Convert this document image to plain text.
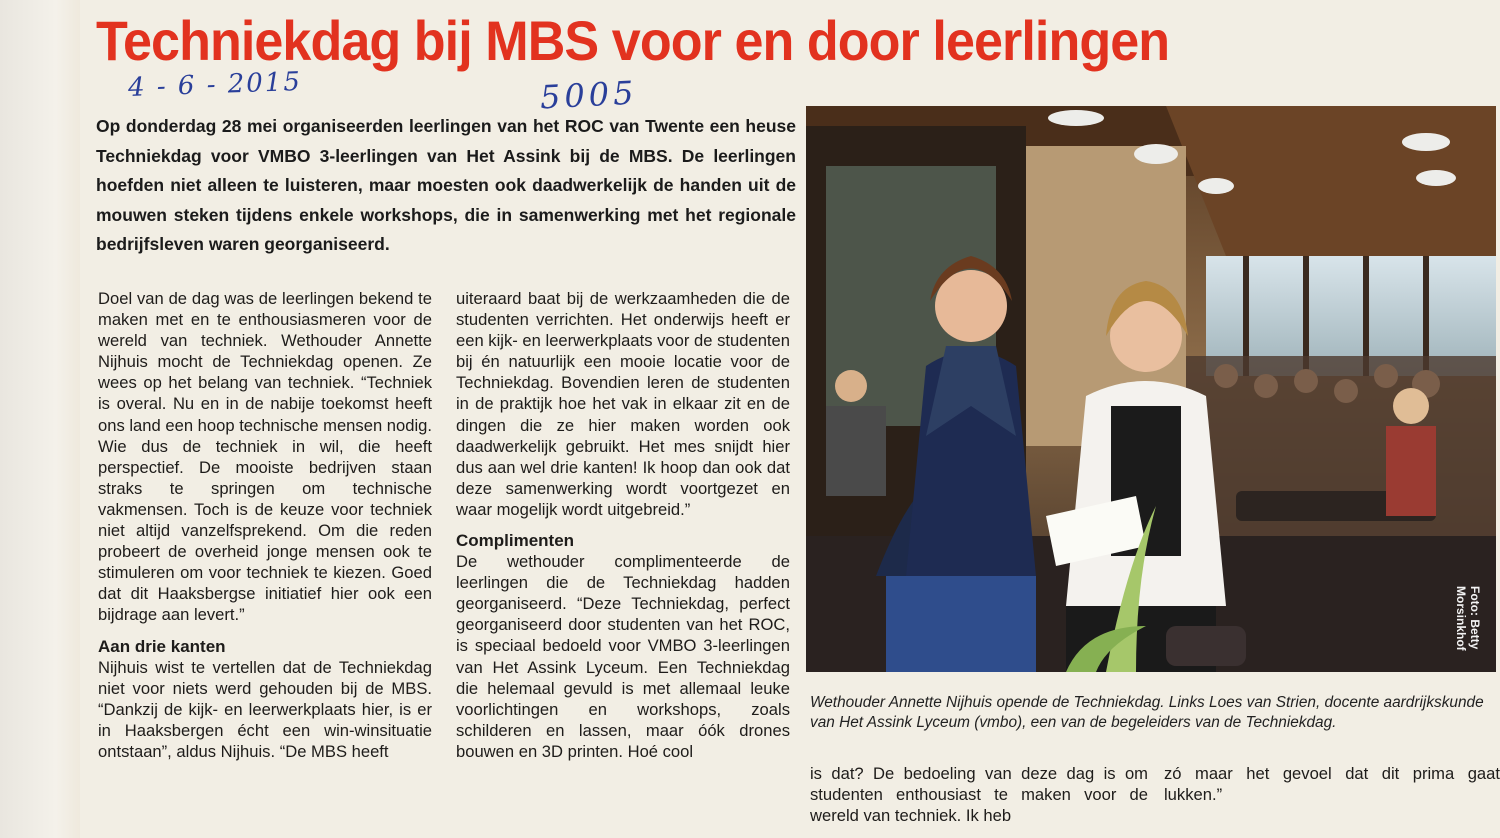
Techniekdag bij MBS voor en door leerlingen
4 - 6 - 2015	5005

Op donderdag 28 mei organiseerden leerlingen van het ROC van Twente een heuse Techniekdag voor VMBO 3-leerlingen van Het Assink bij de MBS. De leerlingen hoefden niet alleen te luisteren, maar moesten ook daadwerkelijk de handen uit de mouwen steken tijdens enkele workshops, die in samenwerking met het regionale bedrijfsleven waren georganiseerd.

Doel van de dag was de leerlingen bekend te maken met en te enthousiasmeren voor de wereld van techniek. Wethouder Annette Nijhuis mocht de Techniekdag openen. Ze wees op het belang van techniek. “Techniek is overal. Nu en in de nabije toekomst heeft ons land een hoop technische mensen nodig. Wie dus de techniek in wil, die heeft perspectief. De mooiste bedrijven staan straks te springen om technische vakmensen. Toch is de keuze voor techniek niet altijd vanzelfsprekend. Om die reden probeert de overheid jonge mensen ook te stimuleren om voor techniek te kiezen. Goed dat dit Haaksbergse initiatief hier ook een bijdrage aan levert.”

Aan drie kanten

Nijhuis wist te vertellen dat de Techniekdag niet voor niets werd gehouden bij de MBS. “Dankzij de kijk- en leerwerkplaats hier, is er in Haaksbergen écht een win-winsituatie ontstaan”, aldus Nijhuis. “De MBS heeft

uiteraard baat bij de werkzaamheden die de studenten verrichten. Het onderwijs heeft er een kijk- en leerwerkplaats voor de studenten bij én natuurlijk een mooie locatie voor de Techniekdag. Bovendien leren de studenten in de praktijk hoe het vak in elkaar zit en de dingen die ze hier maken worden ook daadwerkelijk gebruikt. Het mes snijdt hier dus aan wel drie kanten! Ik hoop dan ook dat deze samenwerking wordt voortgezet en waar mogelijk wordt uitgebreid.”

Complimenten

De wethouder complimenteerde de leerlingen die de Techniekdag hadden georganiseerd. “Deze Techniekdag, perfect georganiseerd door studenten van het ROC, is speciaal bedoeld voor VMBO 3-leerlingen van Het Assink Lyceum. Een Techniekdag die helemaal gevuld is met allemaal leuke voorlichtingen en workshops, zoals schilderen en lassen, maar óók drones bouwen en 3D printen. Hoé cool

Foto: Betty Morsinkhof

Wethouder Annette Nijhuis opende de Techniekdag. Links Loes van Strien, docente aardrijkskunde van Het Assink Lyceum (vmbo), een van de begeleiders van de Techniekdag.

is dat? De bedoeling van deze dag is om studenten enthousiast te maken voor de wereld van techniek. Ik heb

zó maar het gevoel dat dit prima gaat lukken.”
